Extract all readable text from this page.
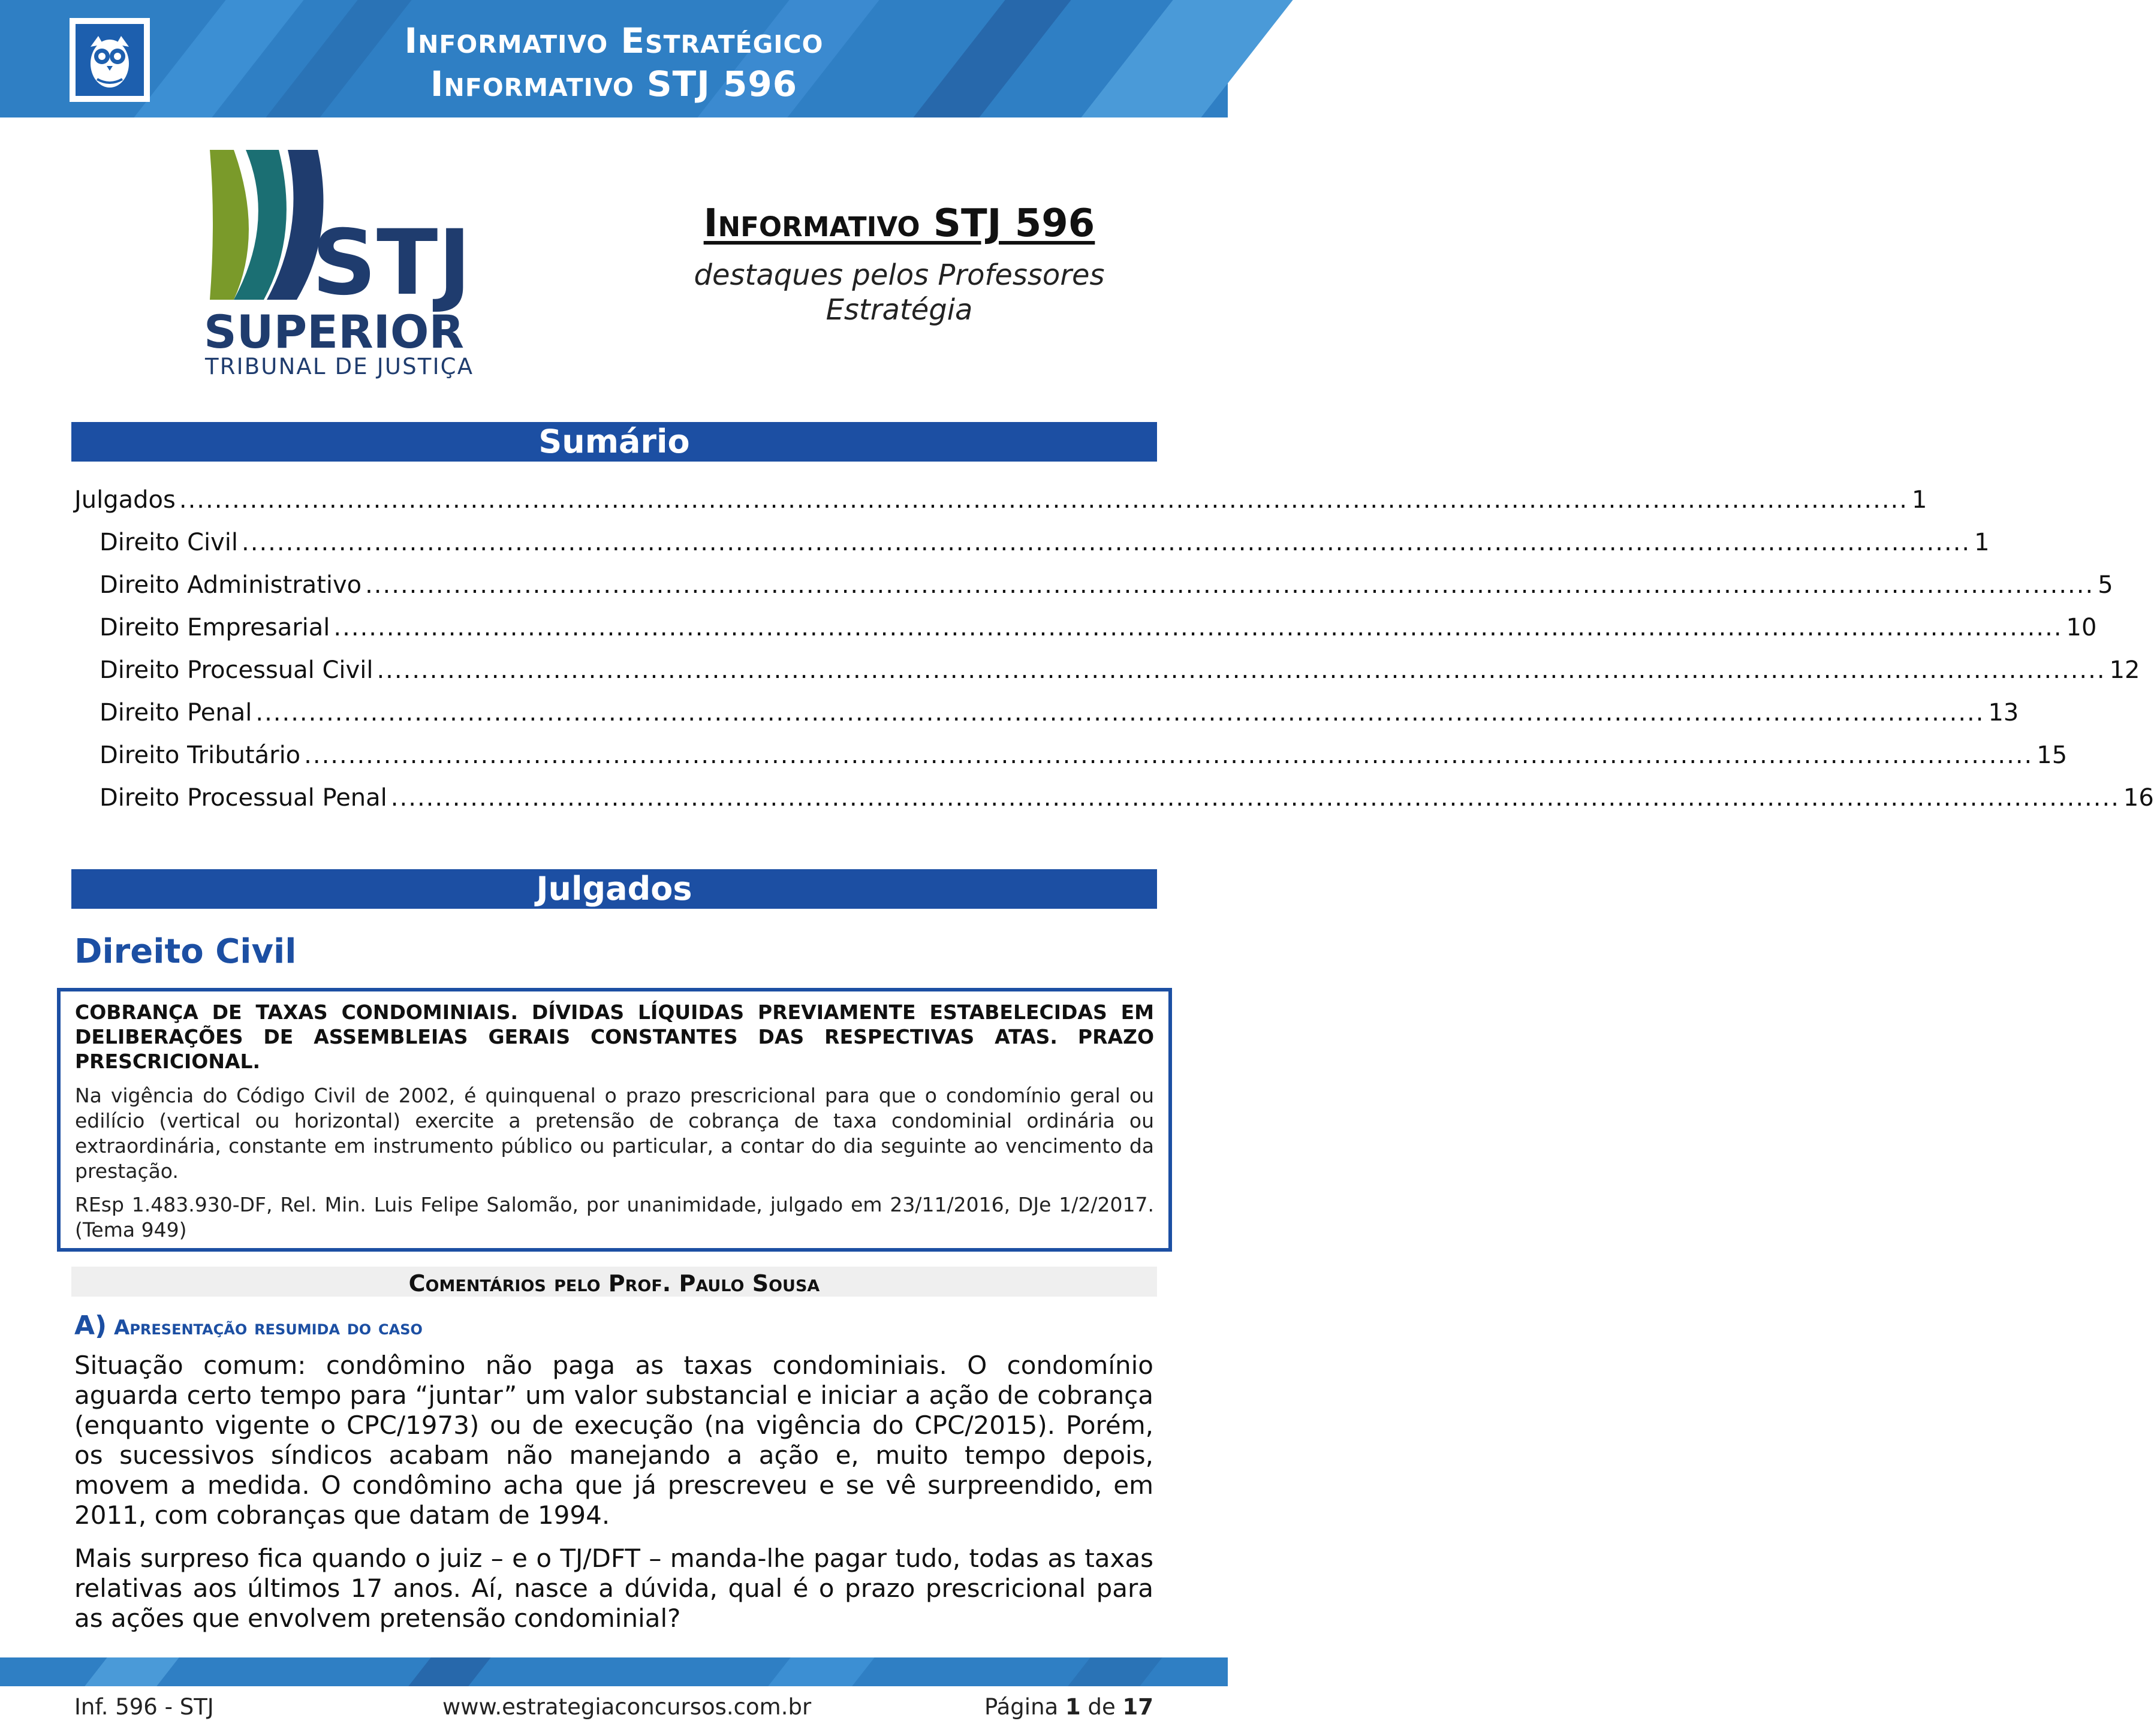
Informativo Estratégico
Informativo STJ 596
STJ
SUPERIOR
TRIBUNAL DE JUSTIÇA
Informativo STJ 596
destaques pelos Professores
Estratégia
Sumário
Julgados .................................................................................................................................................................................................... 1
Direito Civil .................................................................................................................................................................................................... 1
Direito Administrativo .................................................................................................................................................................................................... 5
Direito Empresarial .................................................................................................................................................................................................... 10
Direito Processual Civil .................................................................................................................................................................................................... 12
Direito Penal .................................................................................................................................................................................................... 13
Direito Tributário .................................................................................................................................................................................................... 15
Direito Processual Penal .................................................................................................................................................................................................... 16
Julgados
Direito Civil
COBRANÇA DE TAXAS CONDOMINIAIS. DÍVIDAS LÍQUIDAS PREVIAMENTE ESTABELECIDAS EM DELIBERAÇÕES DE ASSEMBLEIAS GERAIS CONSTANTES DAS RESPECTIVAS ATAS. PRAZO PRESCRICIONAL.
Na vigência do Código Civil de 2002, é quinquenal o prazo prescricional para que o condomínio geral ou edilício (vertical ou horizontal) exercite a pretensão de cobrança de taxa condominial ordinária ou extraordinária, constante em instrumento público ou particular, a contar do dia seguinte ao vencimento da prestação.
REsp 1.483.930-DF, Rel. Min. Luis Felipe Salomão, por unanimidade, julgado em 23/11/2016, DJe 1/2/2017. (Tema 949)
Comentários pelo Prof. Paulo Sousa
A) Apresentação resumida do caso
Situação comum: condômino não paga as taxas condominiais. O condomínio aguarda certo tempo para “juntar” um valor substancial e iniciar a ação de cobrança (enquanto vigente o CPC/1973) ou de execução (na vigência do CPC/2015). Porém, os sucessivos síndicos acabam não manejando a ação e, muito tempo depois, movem a medida. O condômino acha que já prescreveu e se vê surpreendido, em 2011, com cobranças que datam de 1994.
Mais surpreso fica quando o juiz – e o TJ/DFT – manda-lhe pagar tudo, todas as taxas relativas aos últimos 17 anos. Aí, nasce a dúvida, qual é o prazo prescricional para as ações que envolvem pretensão condominial?
Inf. 596 - STJ	www.estrategiaconcursos.com.br	Página 1 de 17
